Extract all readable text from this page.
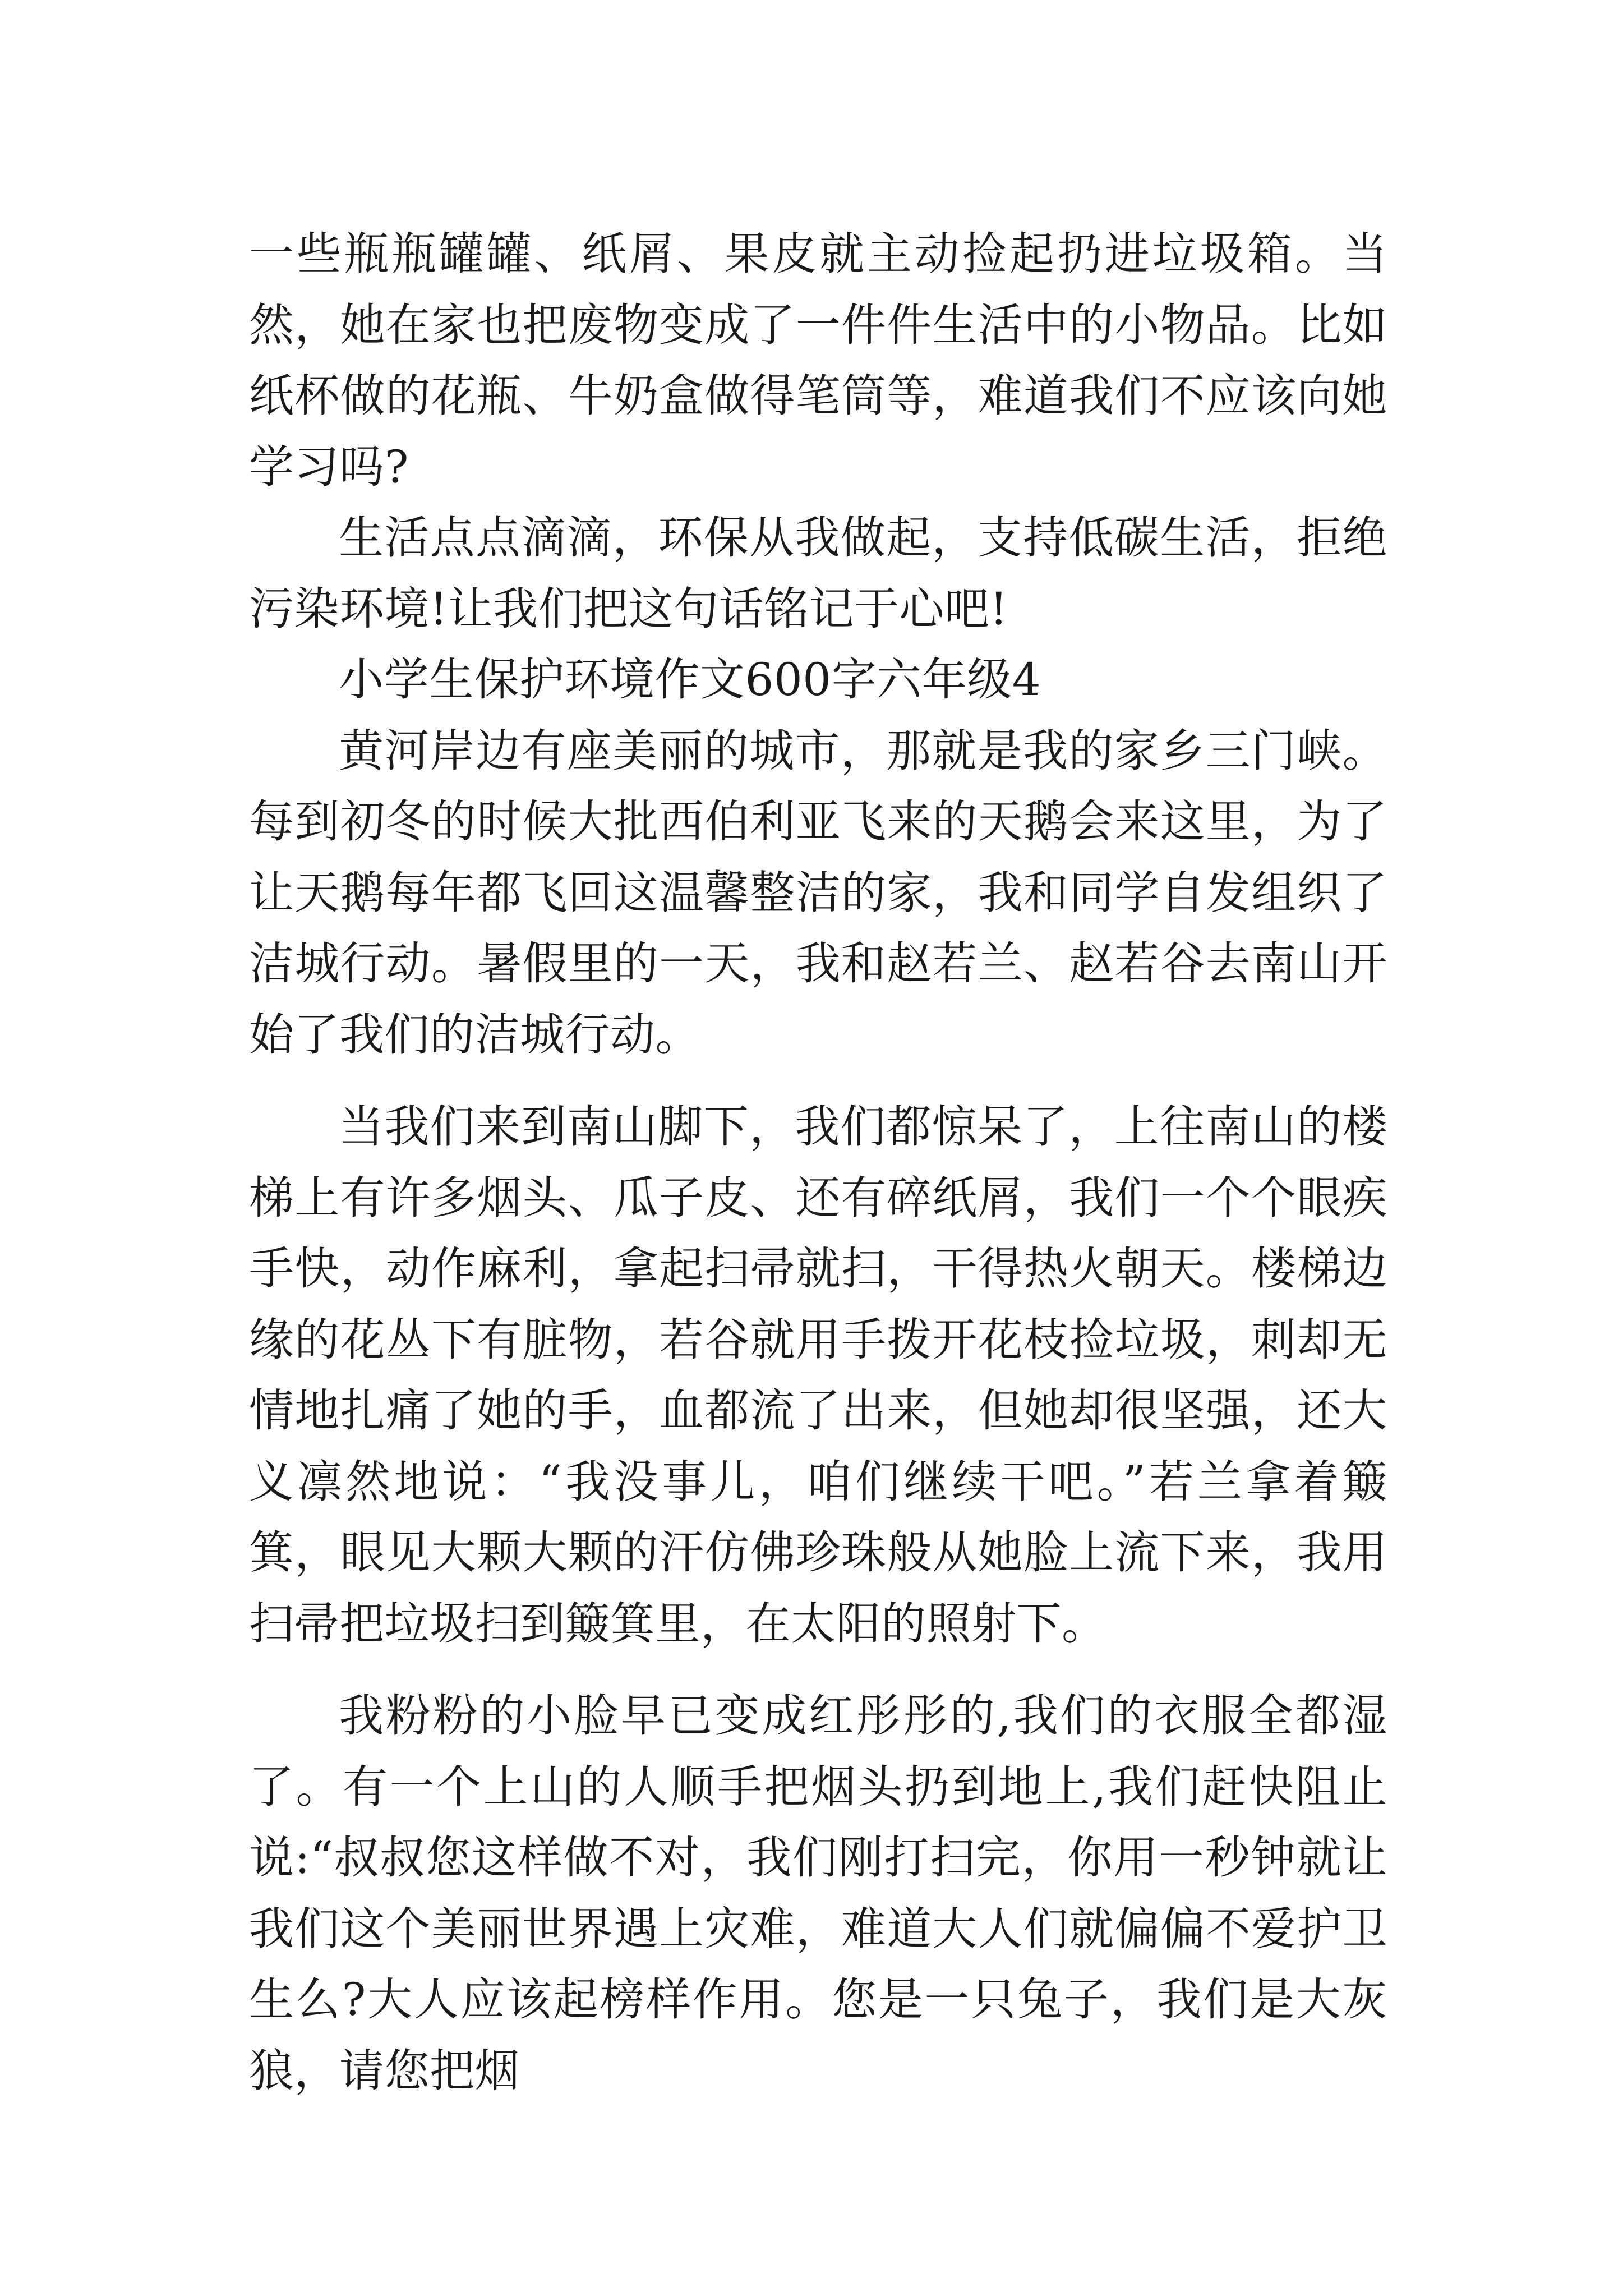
一些瓶瓶罐罐、纸屑、果皮就主动捡起扔进垃圾箱。当然，她在家也把废物变成了一件件生活中的小物品。比如纸杯做的花瓶、牛奶盒做得笔筒等，难道我们不应该向她学习吗?

生活点点滴滴，环保从我做起，支持低碳生活，拒绝污染环境!让我们把这句话铭记于心吧!

小学生保护环境作文600字六年级4

黄河岸边有座美丽的城市，那就是我的家乡三门峡。每到初冬的时候大批西伯利亚飞来的天鹅会来这里，为了让天鹅每年都飞回这温馨整洁的家，我和同学自发组织了洁城行动。暑假里的一天，我和赵若兰、赵若谷去南山开始了我们的洁城行动。

当我们来到南山脚下，我们都惊呆了，上往南山的楼梯上有许多烟头、瓜子皮、还有碎纸屑，我们一个个眼疾手快，动作麻利，拿起扫帚就扫，干得热火朝天。楼梯边缘的花丛下有脏物，若谷就用手拨开花枝捡垃圾，刺却无情地扎痛了她的手，血都流了出来，但她却很坚强，还大义凛然地说：“我没事儿，咱们继续干吧。”若兰拿着簸箕，眼见大颗大颗的汗仿佛珍珠般从她脸上流下来，我用扫帚把垃圾扫到簸箕里，在太阳的照射下。

我粉粉的小脸早已变成红彤彤的,我们的衣服全都湿了。有一个上山的人顺手把烟头扔到地上,我们赶快阻止说:“叔叔您这样做不对，我们刚打扫完，你用一秒钟就让我们这个美丽世界遇上灾难，难道大人们就偏偏不爱护卫生么?大人应该起榜样作用。您是一只兔子，我们是大灰狼，请您把烟
